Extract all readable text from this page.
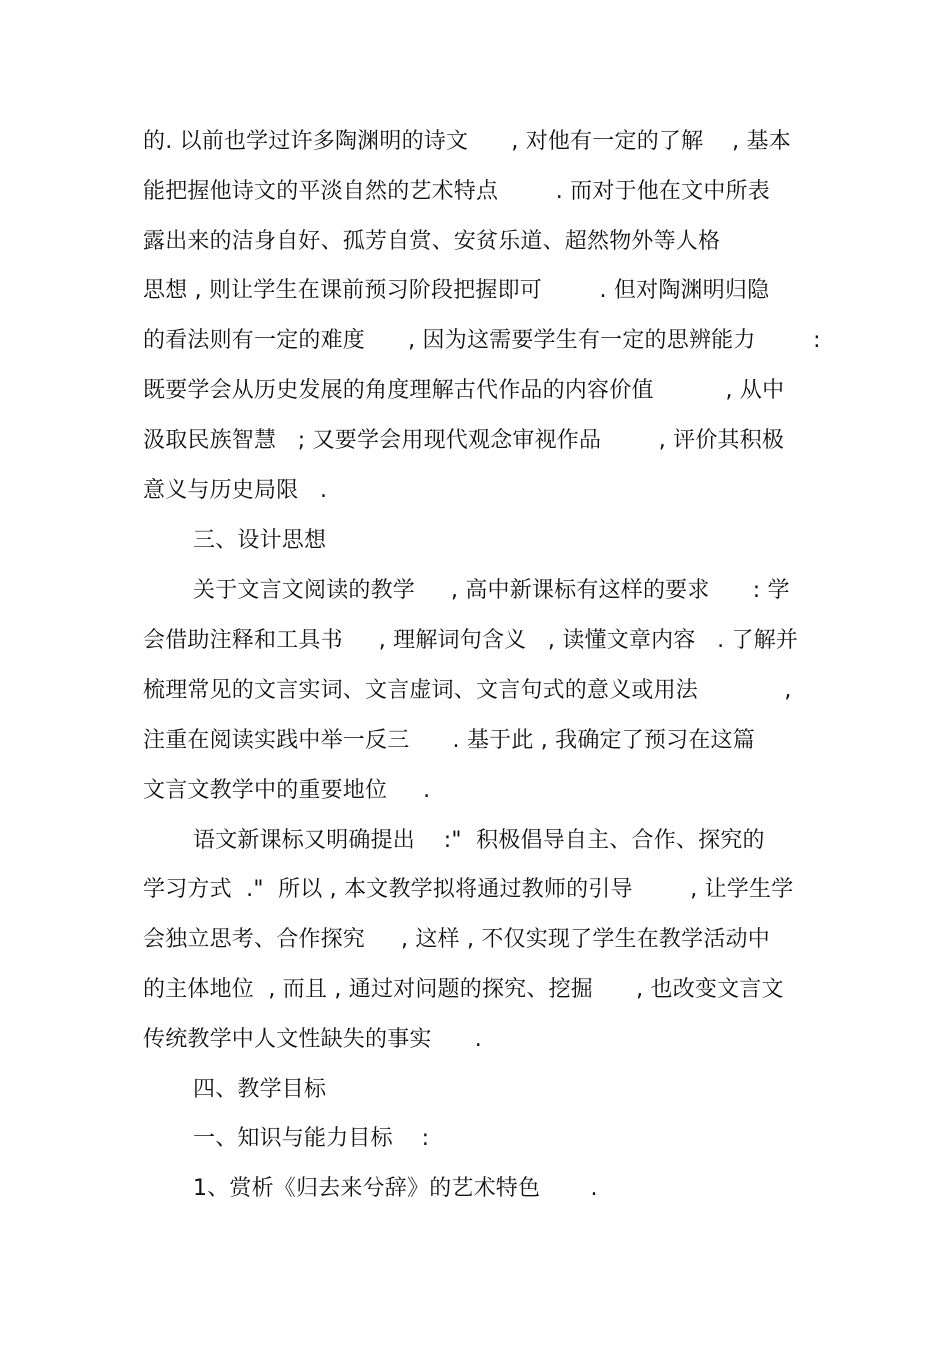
的. 以前也学过许多陶渊明的诗文      , 对他有一定的了解    , 基本
能把握他诗文的平淡自然的艺术特点        . 而对于他在文中所表
露出来的洁身自好、孤芳自赏、安贫乐道、超然物外等人格
思想 , 则让学生在课前预习阶段把握即可        . 但对陶渊明归隐
的看法则有一定的难度      , 因为这需要学生有一定的思辨能力        :
既要学会从历史发展的角度理解古代作品的内容价值          , 从中
汲取民族智慧   ; 又要学会用现代观念审视作品        , 评价其积极
意义与历史局限   .
三、设计思想
关于文言文阅读的教学     , 高中新课标有这样的要求      : 学
会借助注释和工具书     , 理解词句含义   , 读懂文章内容   . 了解并
梳理常见的文言实词、文言虚词、文言句式的意义或用法            ,
注重在阅读实践中举一反三      . 基于此 , 我确定了预习在这篇
文言文教学中的重要地位     .
语文新课标又明确提出    :"  积极倡导自主、合作、探究的
学习方式  ."  所以 , 本文教学拟将通过教师的引导        , 让学生学
会独立思考、合作探究     , 这样 , 不仅实现了学生在教学活动中
的主体地位  , 而且 , 通过对问题的探究、挖掘      , 也改变文言文
传统教学中人文性缺失的事实      .
四、教学目标
一、知识与能力目标    :
1、赏析《归去来兮辞》的艺术特色       .
